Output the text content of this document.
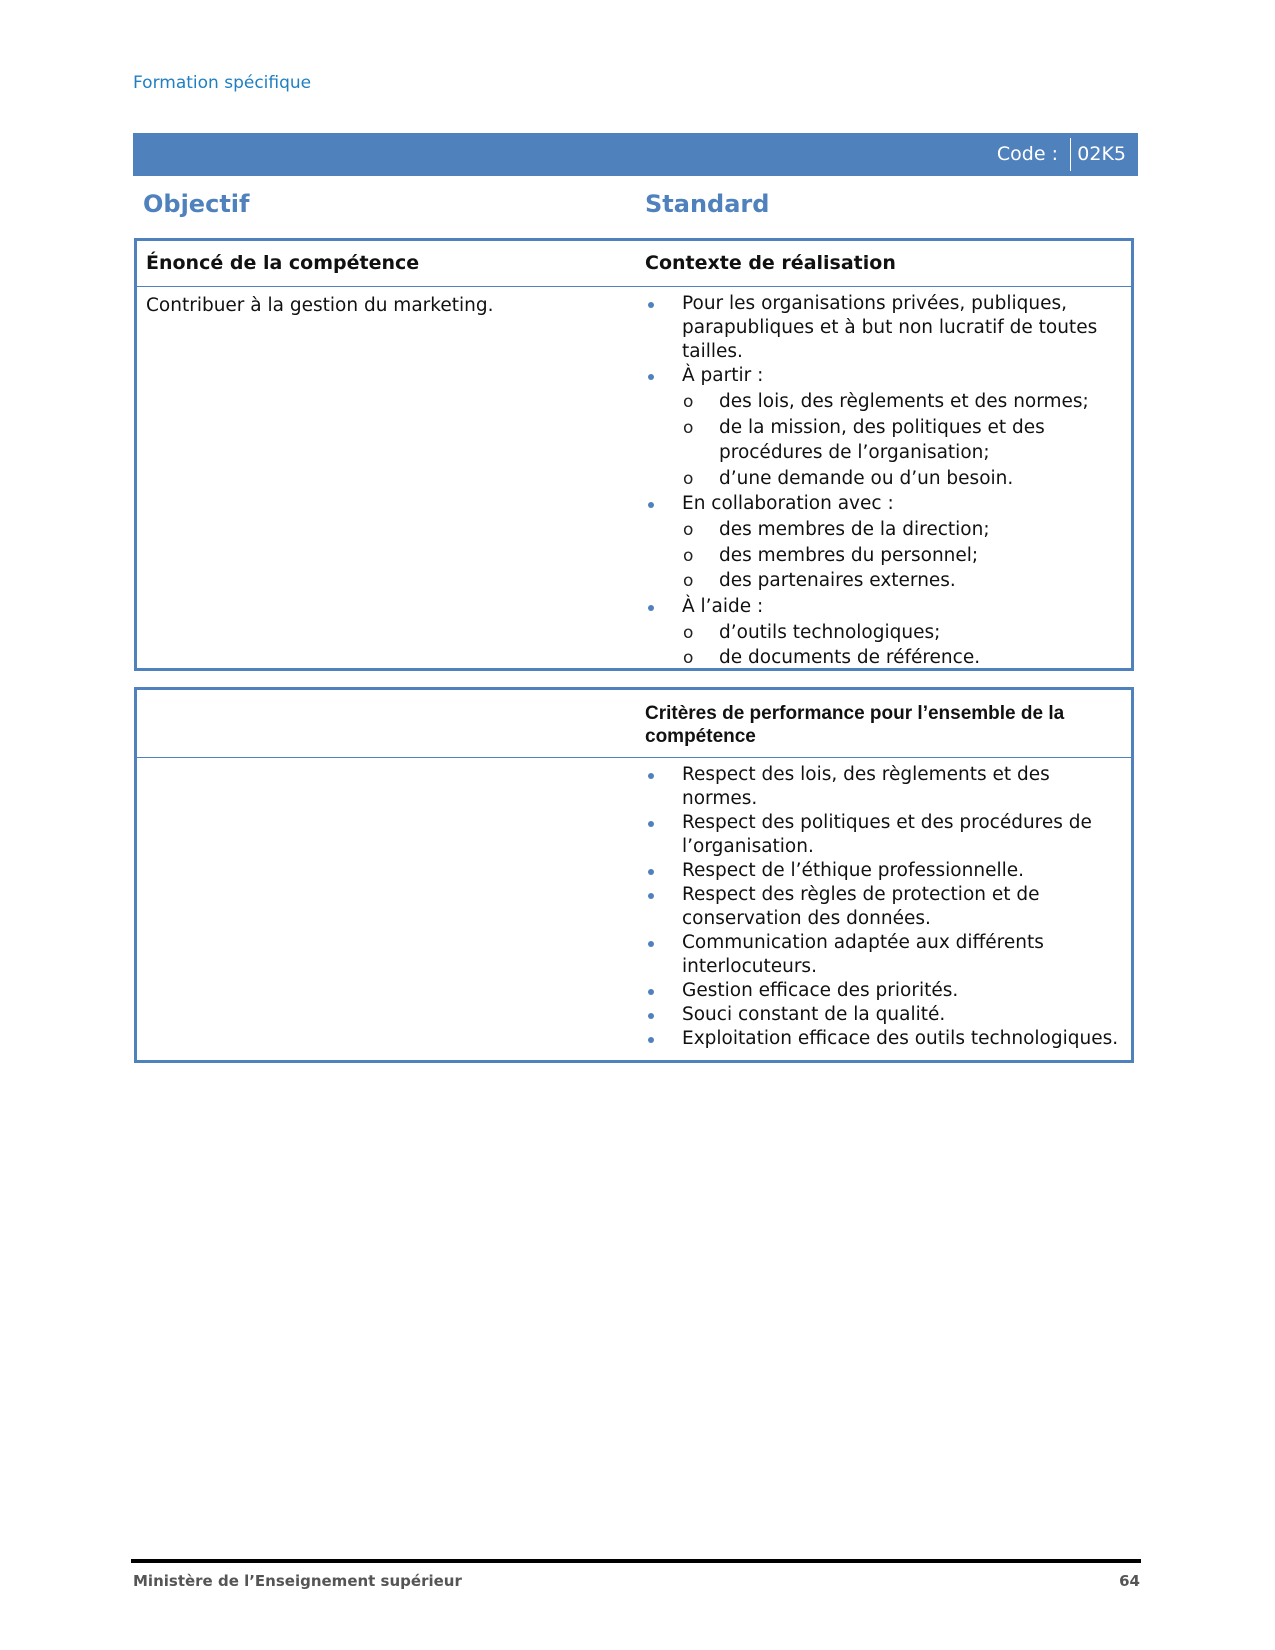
Formation spécifique
Code : 02K5
Objectif	Standard
Énoncé de la compétence	Contexte de réalisation
Contribuer à la gestion du marketing.	Pour les organisations privées, publiques, parapubliques et à but non lucratif de toutes tailles.
À partir :
o des lois, des règlements et des normes;
o de la mission, des politiques et des procédures de l’organisation;
o d’une demande ou d’un besoin.
En collaboration avec :
o des membres de la direction;
o des membres du personnel;
o des partenaires externes.
À l’aide :
o d’outils technologiques;
o de documents de référence.
Critères de performance pour l’ensemble de la compétence
Respect des lois, des règlements et des normes.
Respect des politiques et des procédures de l’organisation.
Respect de l’éthique professionnelle.
Respect des règles de protection et de conservation des données.
Communication adaptée aux différents interlocuteurs.
Gestion efficace des priorités.
Souci constant de la qualité.
Exploitation efficace des outils technologiques.
Ministère de l’Enseignement supérieur	64
